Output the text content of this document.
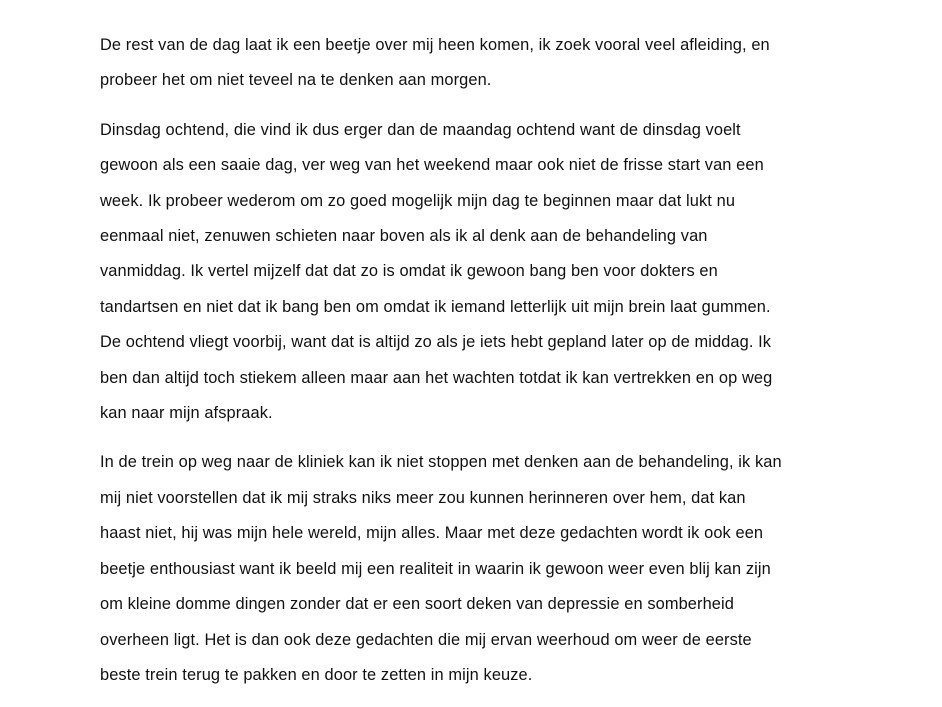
De rest van de dag laat ik een beetje over mij heen komen, ik zoek vooral veel afleiding, en
probeer het om niet teveel na te denken aan morgen.

Dinsdag ochtend, die vind ik dus erger dan de maandag ochtend want de dinsdag voelt
gewoon als een saaie dag, ver weg van het weekend maar ook niet de frisse start van een
week. Ik probeer wederom om zo goed mogelijk mijn dag te beginnen maar dat lukt nu
eenmaal niet, zenuwen schieten naar boven als ik al denk aan de behandeling van
vanmiddag. Ik vertel mijzelf dat dat zo is omdat ik gewoon bang ben voor dokters en
tandartsen en niet dat ik bang ben om omdat ik iemand letterlijk uit mijn brein laat gummen.
De ochtend vliegt voorbij, want dat is altijd zo als je iets hebt gepland later op de middag. Ik
ben dan altijd toch stiekem alleen maar aan het wachten totdat ik kan vertrekken en op weg
kan naar mijn afspraak.

In de trein op weg naar de kliniek kan ik niet stoppen met denken aan de behandeling, ik kan
mij niet voorstellen dat ik mij straks niks meer zou kunnen herinneren over hem, dat kan
haast niet, hij was mijn hele wereld, mijn alles. Maar met deze gedachten wordt ik ook een
beetje enthousiast want ik beeld mij een realiteit in waarin ik gewoon weer even blij kan zijn
om kleine domme dingen zonder dat er een soort deken van depressie en somberheid
overheen ligt. Het is dan ook deze gedachten die mij ervan weerhoud om weer de eerste
beste trein terug te pakken en door te zetten in mijn keuze.
